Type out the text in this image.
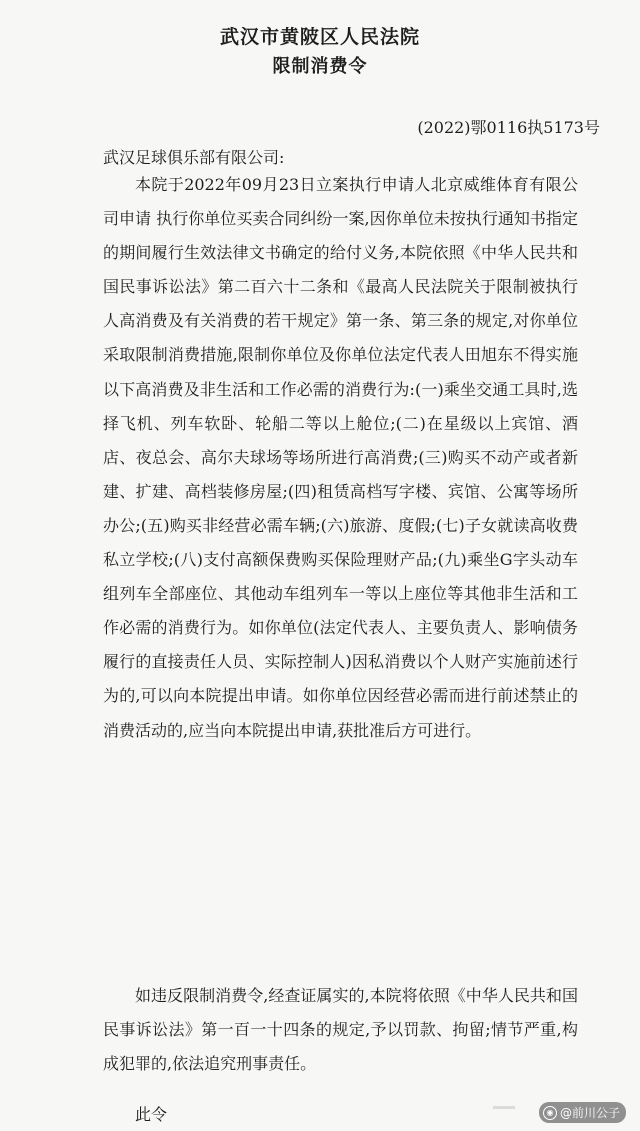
武汉市黄陂区人民法院
限制消费令
(2022)鄂0116执5173号
武汉足球俱乐部有限公司:

本院于2022年09月23日立案执行申请人北京威维体育有限公司申请 执行你单位买卖合同纠纷一案,因你单位未按执行通知书指定的期间履行生效法律文书确定的给付义务,本院依照《中华人民共和国民事诉讼法》第二百六十二条和《最高人民法院关于限制被执行人高消费及有关消费的若干规定》第一条、第三条的规定,对你单位采取限制消费措施,限制你单位及你单位法定代表人田旭东不得实施以下高消费及非生活和工作必需的消费行为:(一)乘坐交通工具时,选择飞机、列车软卧、轮船二等以上舱位;(二)在星级以上宾馆、酒店、夜总会、高尔夫球场等场所进行高消费;(三)购买不动产或者新建、扩建、高档装修房屋;(四)租赁高档写字楼、宾馆、公寓等场所办公;(五)购买非经营必需车辆;(六)旅游、度假;(七)子女就读高收费私立学校;(八)支付高额保费购买保险理财产品;(九)乘坐G字头动车组列车全部座位、其他动车组列车一等以上座位等其他非生活和工作必需的消费行为。如你单位(法定代表人、主要负责人、影响债务履行的直接责任人员、实际控制人)因私消费以个人财产实施前述行为的,可以向本院提出申请。如你单位因经营必需而进行前述禁止的消费活动的,应当向本院提出申请,获批准后方可进行。

如违反限制消费令,经查证属实的,本院将依照《中华人民共和国民事诉讼法》第一百一十四条的规定,予以罚款、拘留;情节严重,构成犯罪的,依法追究刑事责任。

此令	◉ @前川公子
